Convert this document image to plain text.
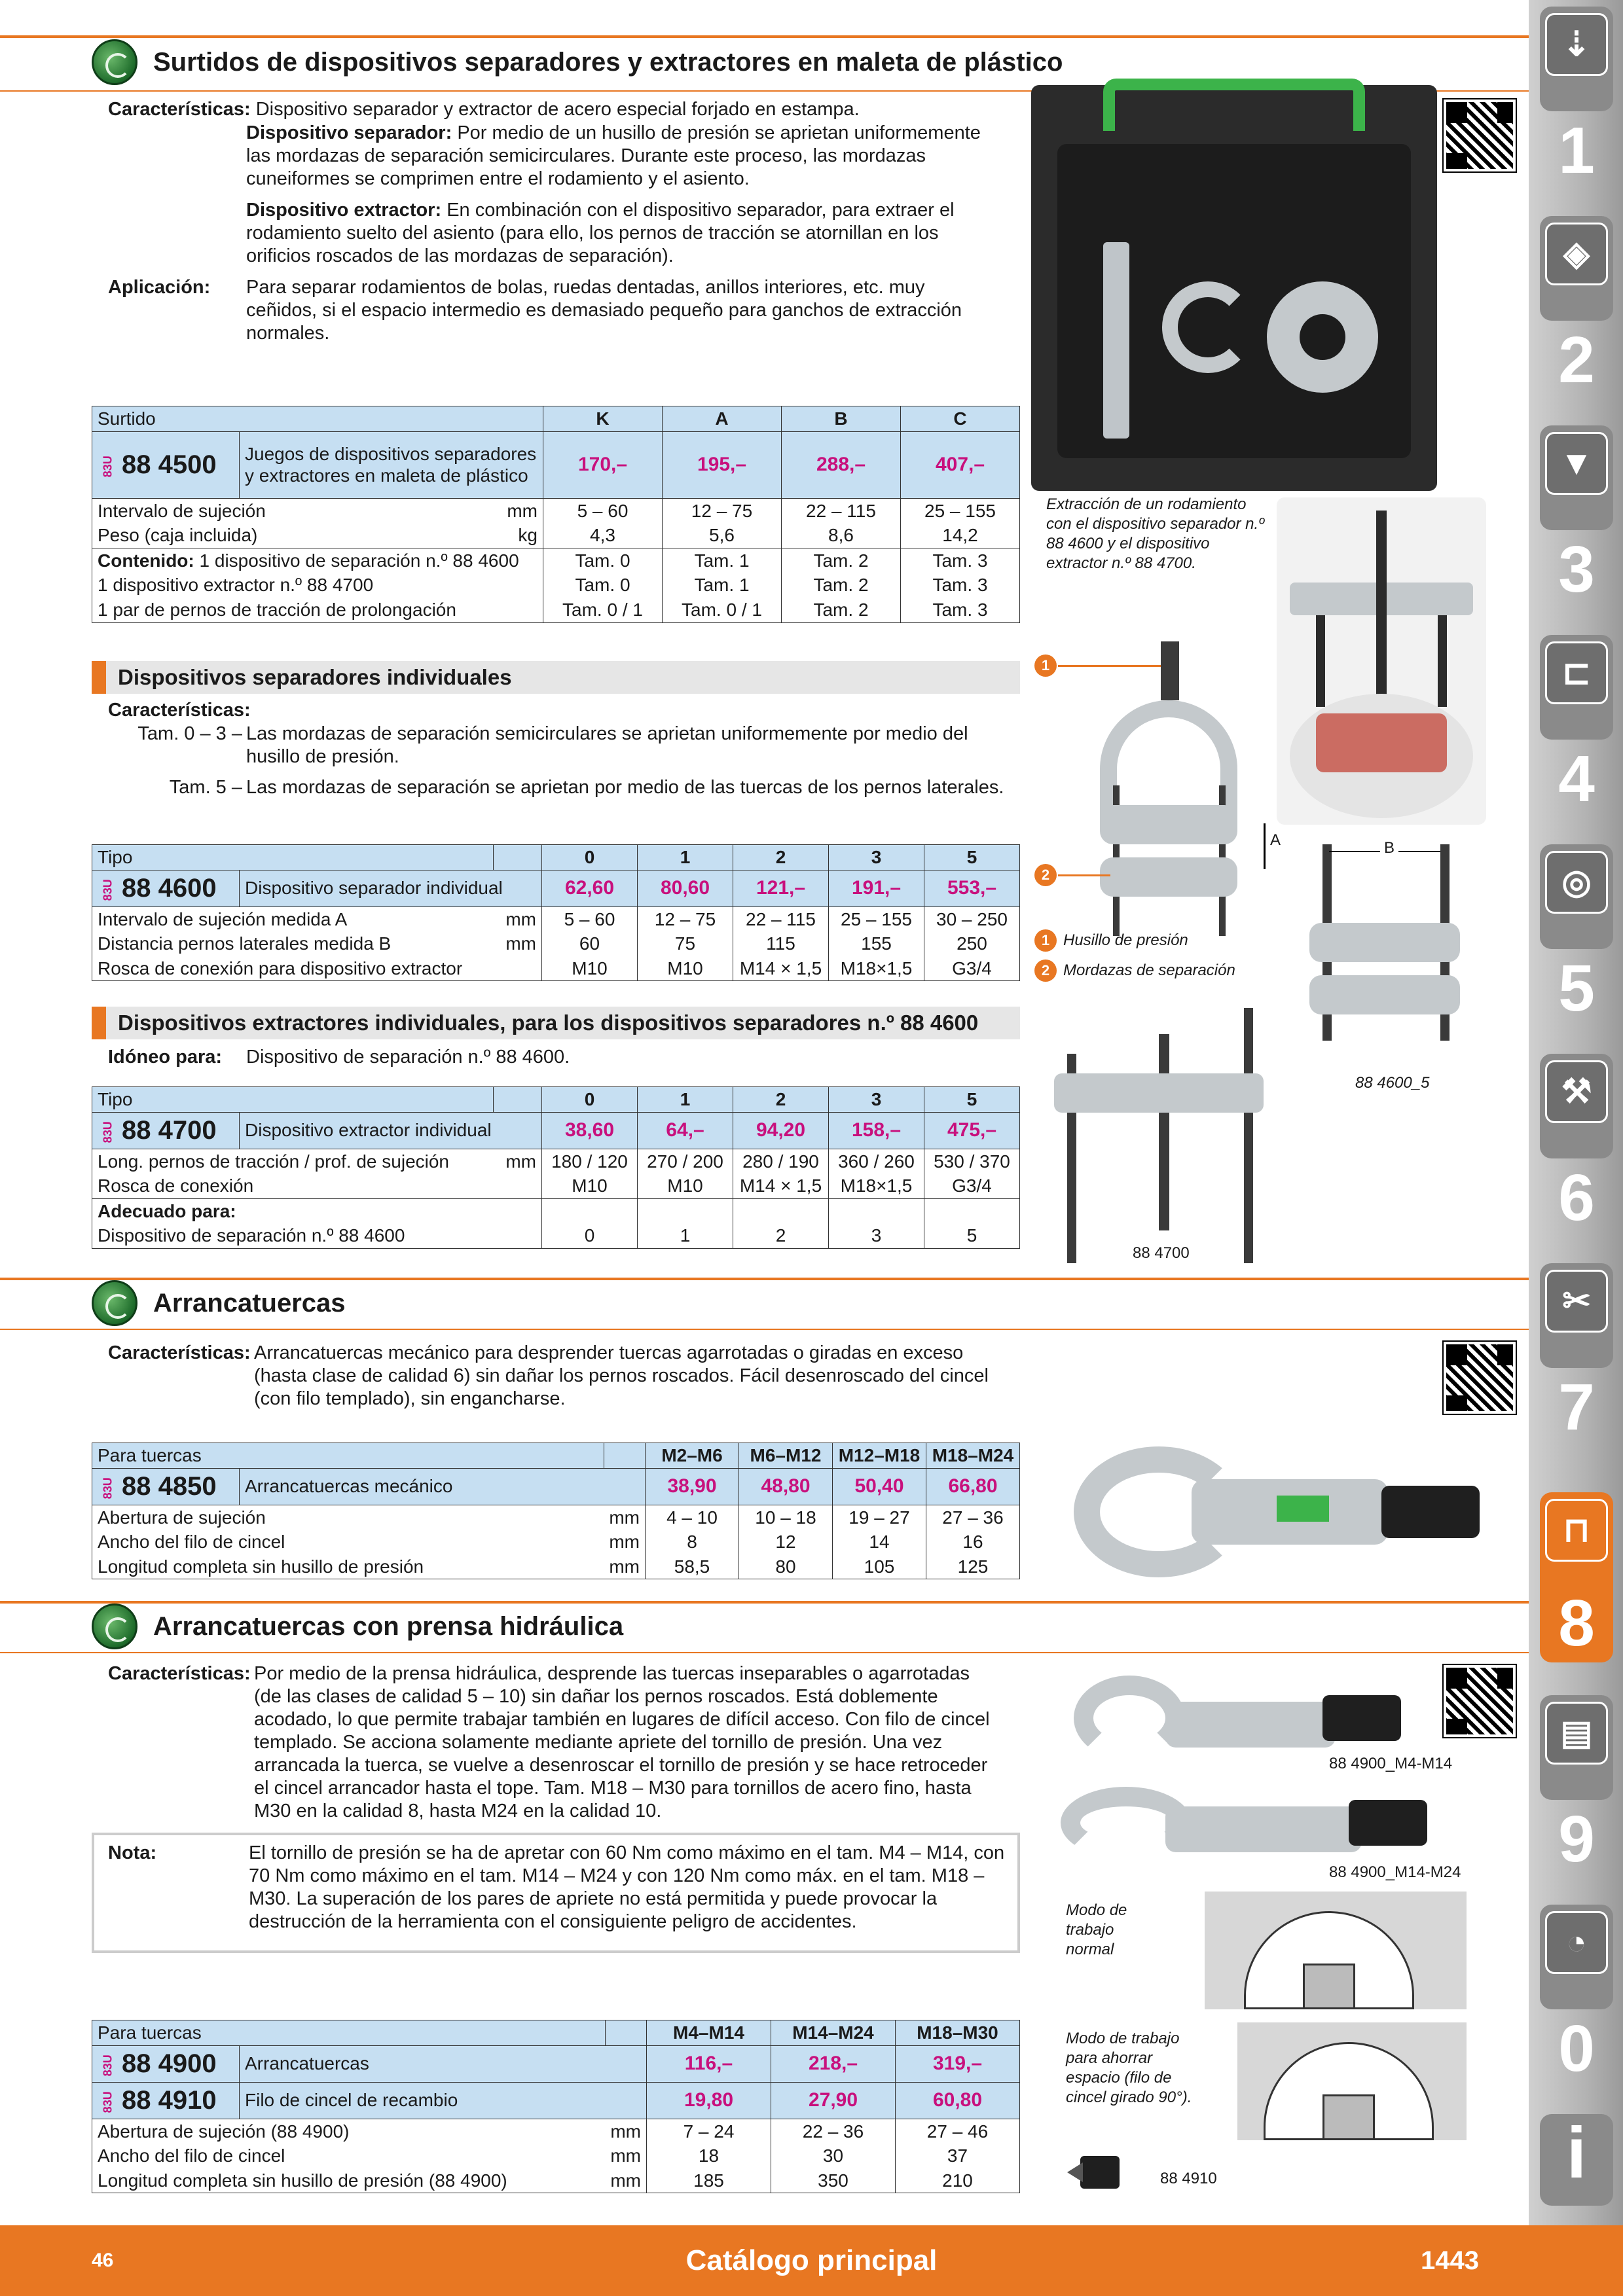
Surtidos de dispositivos separadores y extractores en maleta de plástico
Características: Dispositivo separador y extractor de acero especial forjado en estampa.
Dispositivo separador: Por medio de un husillo de presión se aprietan uniformemente las mordazas de separación semicirculares. Durante este proceso, las mordazas cuneiformes se comprimen entre el rodamiento y el asiento.
Dispositivo extractor: En combinación con el dispositivo separador, para extraer el rodamiento suelto del asiento (para ello, los pernos de tracción se atornillan en los orificios roscados de las mordazas de separación).
Aplicación: Para separar rodamientos de bolas, ruedas dentadas, anillos interiores, etc. muy ceñidos, si el espacio intermedio es demasiado pequeño para ganchos de extracción normales.
Surtido		K	A	B	C
83U 88 4500	Juegos de dispositivos separadores y extractores en maleta de plástico	170,–	195,–	288,–	407,–
Intervalo de sujeción mm		5 – 60	12 – 75	22 – 115	25 – 155
Peso (caja incluida) kg		4,3	5,6	8,6	14,2
Contenido: 1 dispositivo de separación n.º 88 4600		Tam. 0	Tam. 1	Tam. 2	Tam. 3
1 dispositivo extractor n.º 88 4700		Tam. 0	Tam. 1	Tam. 2	Tam. 3
1 par de pernos de tracción de prolongación		Tam. 0 / 1	Tam. 0 / 1	Tam. 2	Tam. 3
Extracción de un rodamiento con el dispositivo separador n.º 88 4600 y el dispositivo extractor n.º 88 4700.
Dispositivos separadores individuales
Características:
Tam. 0 – 3 – Las mordazas de separación semicirculares se aprietan uniformemente por medio del husillo de presión.
Tam. 5 – Las mordazas de separación se aprietan por medio de las tuercas de los pernos laterales.
Tipo			0	1	2	3	5
83U 88 4600	Dispositivo separador individual		62,60	80,60	121,–	191,–	553,–
Intervalo de sujeción medida A		mm	5 – 60	12 – 75	22 – 115	25 – 155	30 – 250
Distancia pernos laterales medida B		mm	60	75	115	155	250
Rosca de conexión para dispositivo extractor			M10	M10	M14 × 1,5	M18×1,5	G3/4
1
2
A	B
88 4600_5
1 Husillo de presión
2 Mordazas de separación
Dispositivos extractores individuales, para los dispositivos separadores n.º 88 4600
Idóneo para: Dispositivo de separación n.º 88 4600.
Tipo			0	1	2	3	5
83U 88 4700	Dispositivo extractor individual		38,60	64,–	94,20	158,–	475,–
Long. pernos de tracción / prof. de sujeción		mm	180 / 120	270 / 200	280 / 190	360 / 260	530 / 370
Rosca de conexión			M10	M10	M14 × 1,5	M18×1,5	G3/4
Adecuado para:							
Dispositivo de separación n.º 88 4600			0	1	2	3	5
88 4700
Arrancatuercas
Características: Arrancatuercas mecánico para desprender tuercas agarrotadas o giradas en exceso (hasta clase de calidad 6) sin dañar los pernos roscados. Fácil desenroscado del cincel (con filo templado), sin engancharse.
Para tuercas			M2–M6	M6–M12	M12–M18	M18–M24
83U 88 4850	Arrancatuercas mecánico		38,90	48,80	50,40	66,80
Abertura de sujeción		mm	4 – 10	10 – 18	19 – 27	27 – 36
Ancho del filo de cincel		mm	8	12	14	16
Longitud completa sin husillo de presión		mm	58,5	80	105	125
Arrancatuercas con prensa hidráulica
Características: Por medio de la prensa hidráulica, desprende las tuercas inseparables o agarrotadas (de las clases de calidad 5 – 10) sin dañar los pernos roscados. Está doblemente acodado, lo que permite trabajar también en lugares de difícil acceso. Con filo de cincel templado. Se acciona solamente mediante apriete del tornillo de presión. Una vez arrancada la tuerca, se vuelve a desenroscar el tornillo de presión y se hace retroceder el cincel arrancador hasta el tope. Tam. M18 – M30 para tornillos de acero fino, hasta M30 en la calidad 8, hasta M24 en la calidad 10.
Nota:	El tornillo de presión se ha de apretar con 60 Nm como máximo en el tam. M4 – M14, con 70 Nm como máximo en el tam. M14 – M24 y con 120 Nm como máx. en el tam. M18 – M30. La superación de los pares de apriete no está permitida y puede provocar la destrucción de la herramienta con el consiguiente peligro de accidentes.
Para tuercas			M4–M14	M14–M24	M18–M30
83U 88 4900	Arrancatuercas		116,–	218,–	319,–
83U 88 4910	Filo de cincel de recambio		19,80	27,90	60,80
Abertura de sujeción (88 4900)		mm	7 – 24	22 – 36	27 – 46
Ancho del filo de cincel		mm	18	30	37
Longitud completa sin husillo de presión (88 4900)		mm	185	350	210
88 4900_M4-M14
88 4900_M14-M24
Modo de trabajo normal
Modo de trabajo para ahorrar espacio (filo de cincel girado 90°).
88 4910
⇣
1
◈
2
▼
3
⊏
4
◎
5
⚒
6
✂
7
⊓
8
▤
9
◔
0
i
46	Catálogo principal	1443
